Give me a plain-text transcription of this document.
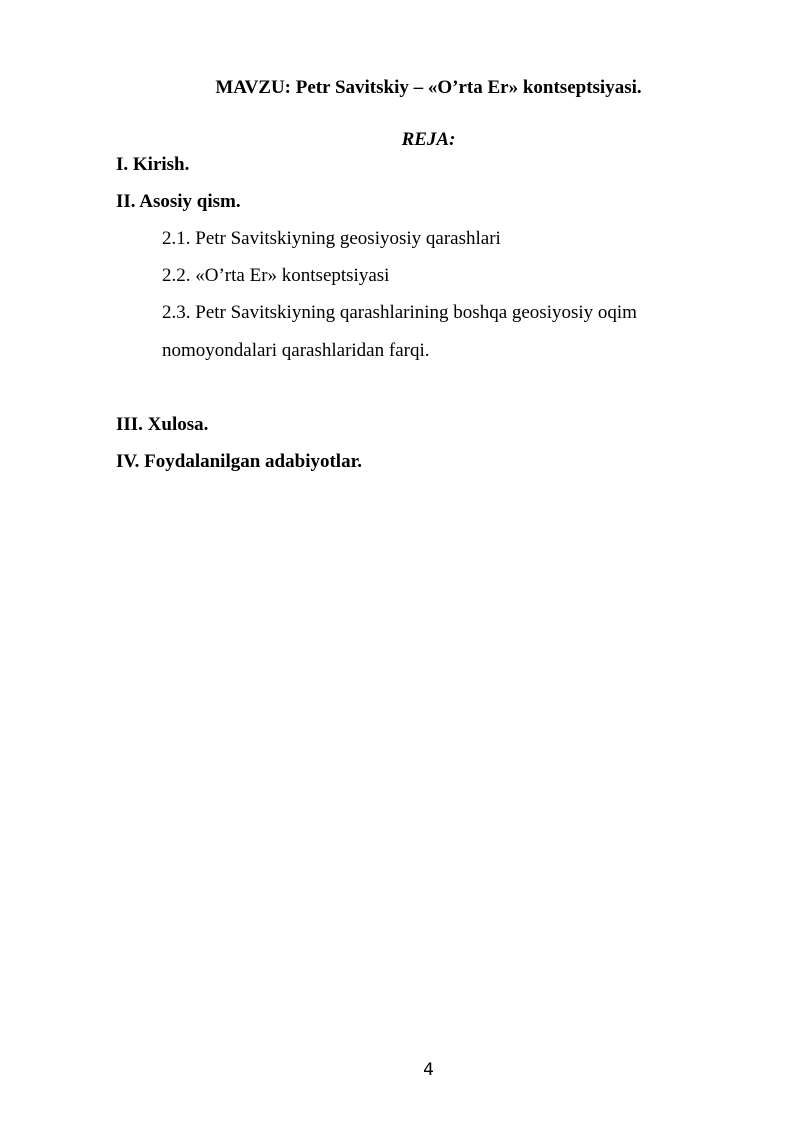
MAVZU: Petr Savitskiy – «O’rta Er» kontseptsiyasi.
REJA:
I. Kirish.
II. Asosiy qism.
2.1. Petr Savitskiyning geosiyosiy qarashlari
2.2. «O’rta Er» kontseptsiyasi
2.3. Petr Savitskiyning qarashlarining boshqa geosiyosiy oqim
nomoyondalari qarashlaridan farqi.
III. Xulosa.
IV. Foydalanilgan adabiyotlar.
4
